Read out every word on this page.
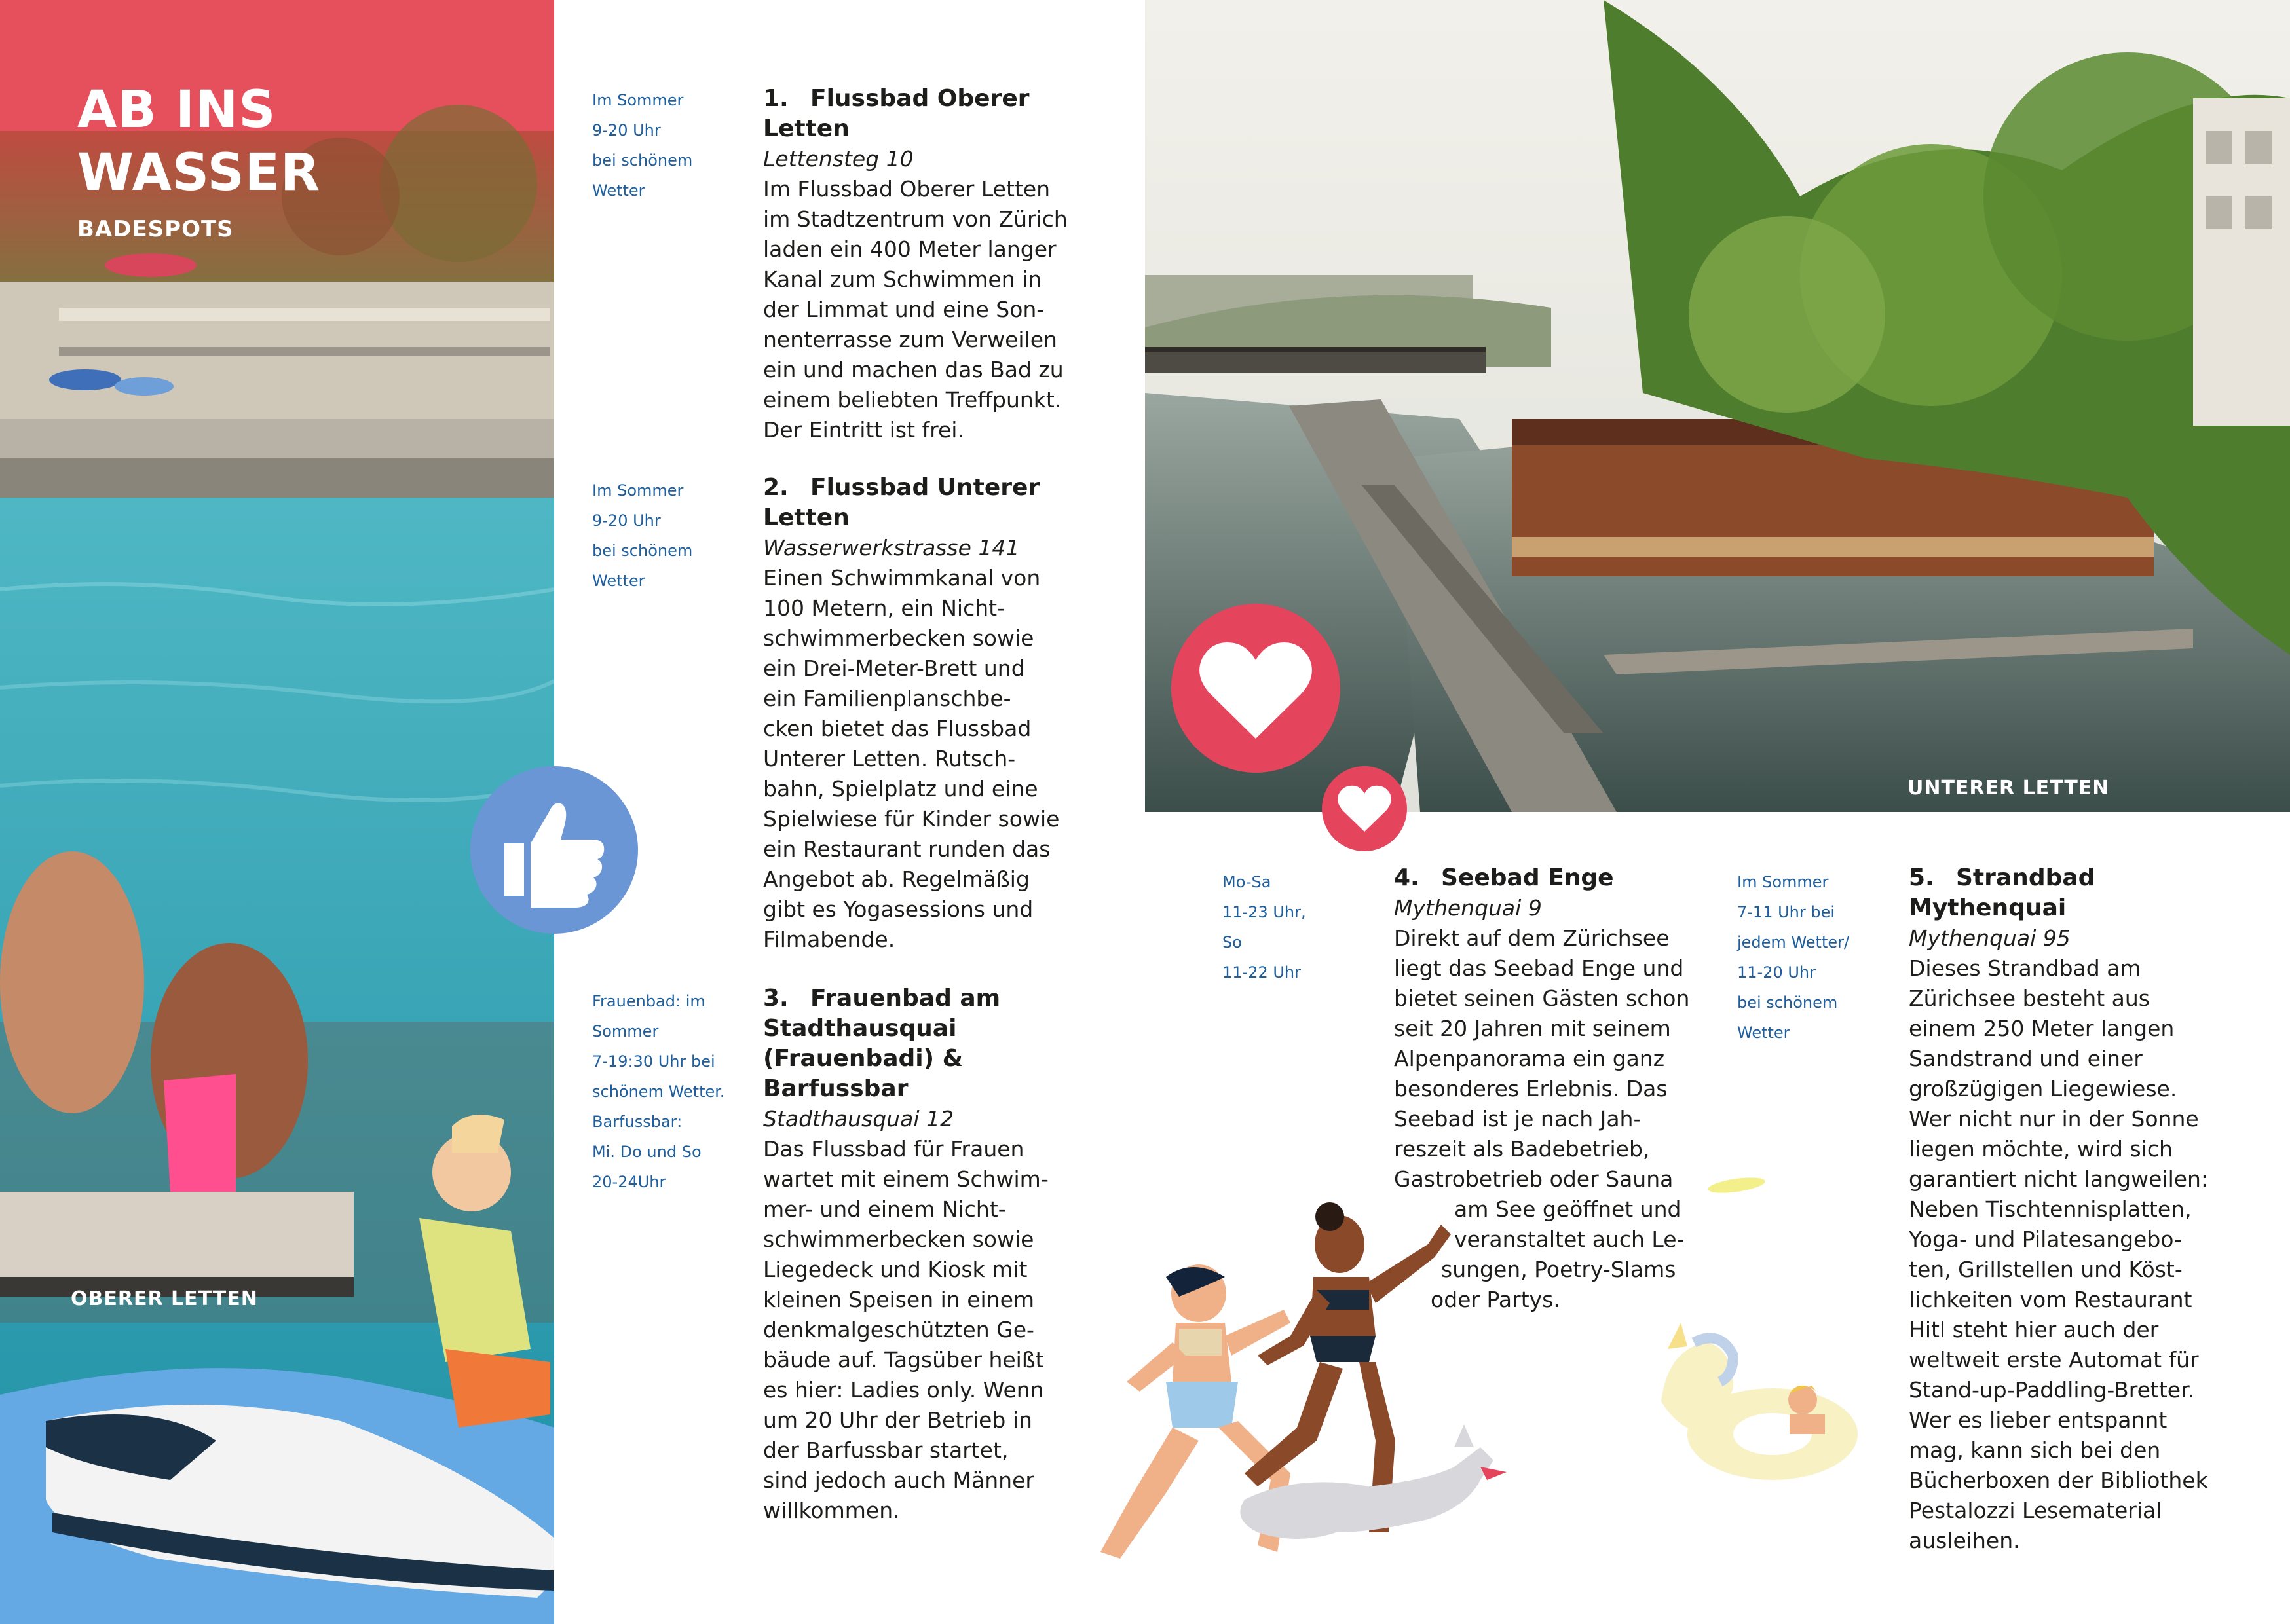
AB INS
WASSER
BADESPOTS
OBERER LETTEN
Im Sommer
9-20 Uhr
bei schönem
Wetter
Im Sommer
9-20 Uhr
bei schönem
Wetter
Frauenbad: im
Sommer
7-19:30 Uhr bei
schönem Wetter.
Barfussbar:
Mi. Do und So
20-24Uhr
1. Flussbad Oberer
Letten
Lettensteg 10
Im Flussbad Oberer Letten
im Stadtzentrum von Zürich
laden ein 400 Meter langer
Kanal zum Schwimmen in
der Limmat und eine Son-
nenterrasse zum Verweilen
ein und machen das Bad zu
einem beliebten Treffpunkt.
Der Eintritt ist frei.
2. Flussbad Unterer
Letten
Wasserwerkstrasse 141
Einen Schwimmkanal von
100 Metern, ein Nicht-
schwimmerbecken sowie
ein Drei-Meter-Brett und
ein Familienplanschbe-
cken bietet das Flussbad
Unterer Letten. Rutsch-
bahn, Spielplatz und eine
Spielwiese für Kinder sowie
ein Restaurant runden das
Angebot ab. Regelmäßig
gibt es Yogasessions und
Filmabende.
3. Frauenbad am
Stadthausquai
(Frauenbadi) &
Barfussbar
Stadthausquai 12
Das Flussbad für Frauen
wartet mit einem Schwim-
mer- und einem Nicht-
schwimmerbecken sowie
Liegedeck und Kiosk mit
kleinen Speisen in einem
denkmalgeschützten Ge-
bäude auf. Tagsüber heißt
es hier: Ladies only. Wenn
um 20 Uhr der Betrieb in
der Barfussbar startet,
sind jedoch auch Männer
willkommen.
UNTERER LETTEN
Mo-Sa
11-23 Uhr,
So
11-22 Uhr
4. Seebad Enge
Mythenquai 9
Direkt auf dem Zürichsee
liegt das Seebad Enge und
bietet seinen Gästen schon
seit 20 Jahren mit seinem
Alpenpanorama ein ganz
besonderes Erlebnis. Das
Seebad ist je nach Jah-
reszeit als Badebetrieb,
Gastrobetrieb oder Sauna
am See geöffnet und
veranstaltet auch Le-
sungen, Poetry-Slams
oder Partys.
Im Sommer
7-11 Uhr bei
jedem Wetter/
11-20 Uhr
bei schönem
Wetter
5. Strandbad
Mythenquai
Mythenquai 95
Dieses Strandbad am
Zürichsee besteht aus
einem 250 Meter langen
Sandstrand und einer
großzügigen Liegewiese.
Wer nicht nur in der Sonne
liegen möchte, wird sich
garantiert nicht langweilen:
Neben Tischtennisplatten,
Yoga- und Pilatesangebo-
ten, Grillstellen und Köst-
lichkeiten vom Restaurant
Hitl steht hier auch der
weltweit erste Automat für
Stand-up-Paddling-Bretter.
Wer es lieber entspannt
mag, kann sich bei den
Bücherboxen der Bibliothek
Pestalozzi Lesematerial
ausleihen.
